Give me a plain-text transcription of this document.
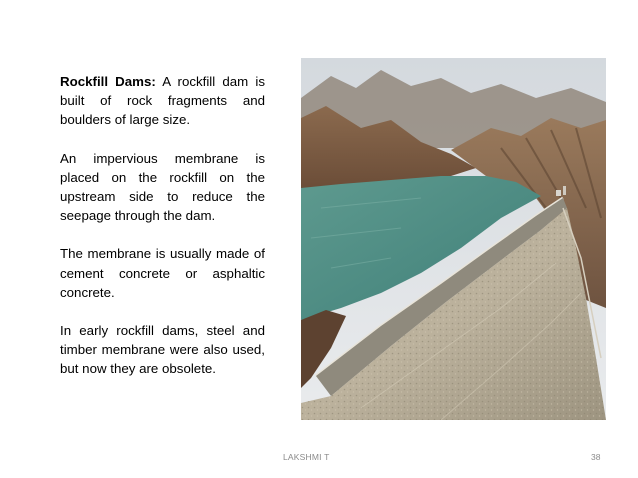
Rockfill Dams: A rockfill dam is built of rock fragments and boulders of large size.

An impervious membrane is placed on the rockfill on the upstream side to reduce the seepage through the dam.

The membrane is usually made of cement concrete or asphaltic concrete.

In early rockfill dams, steel and timber membrane were also used, but now they are obsolete.

LAKSHMI T	38
